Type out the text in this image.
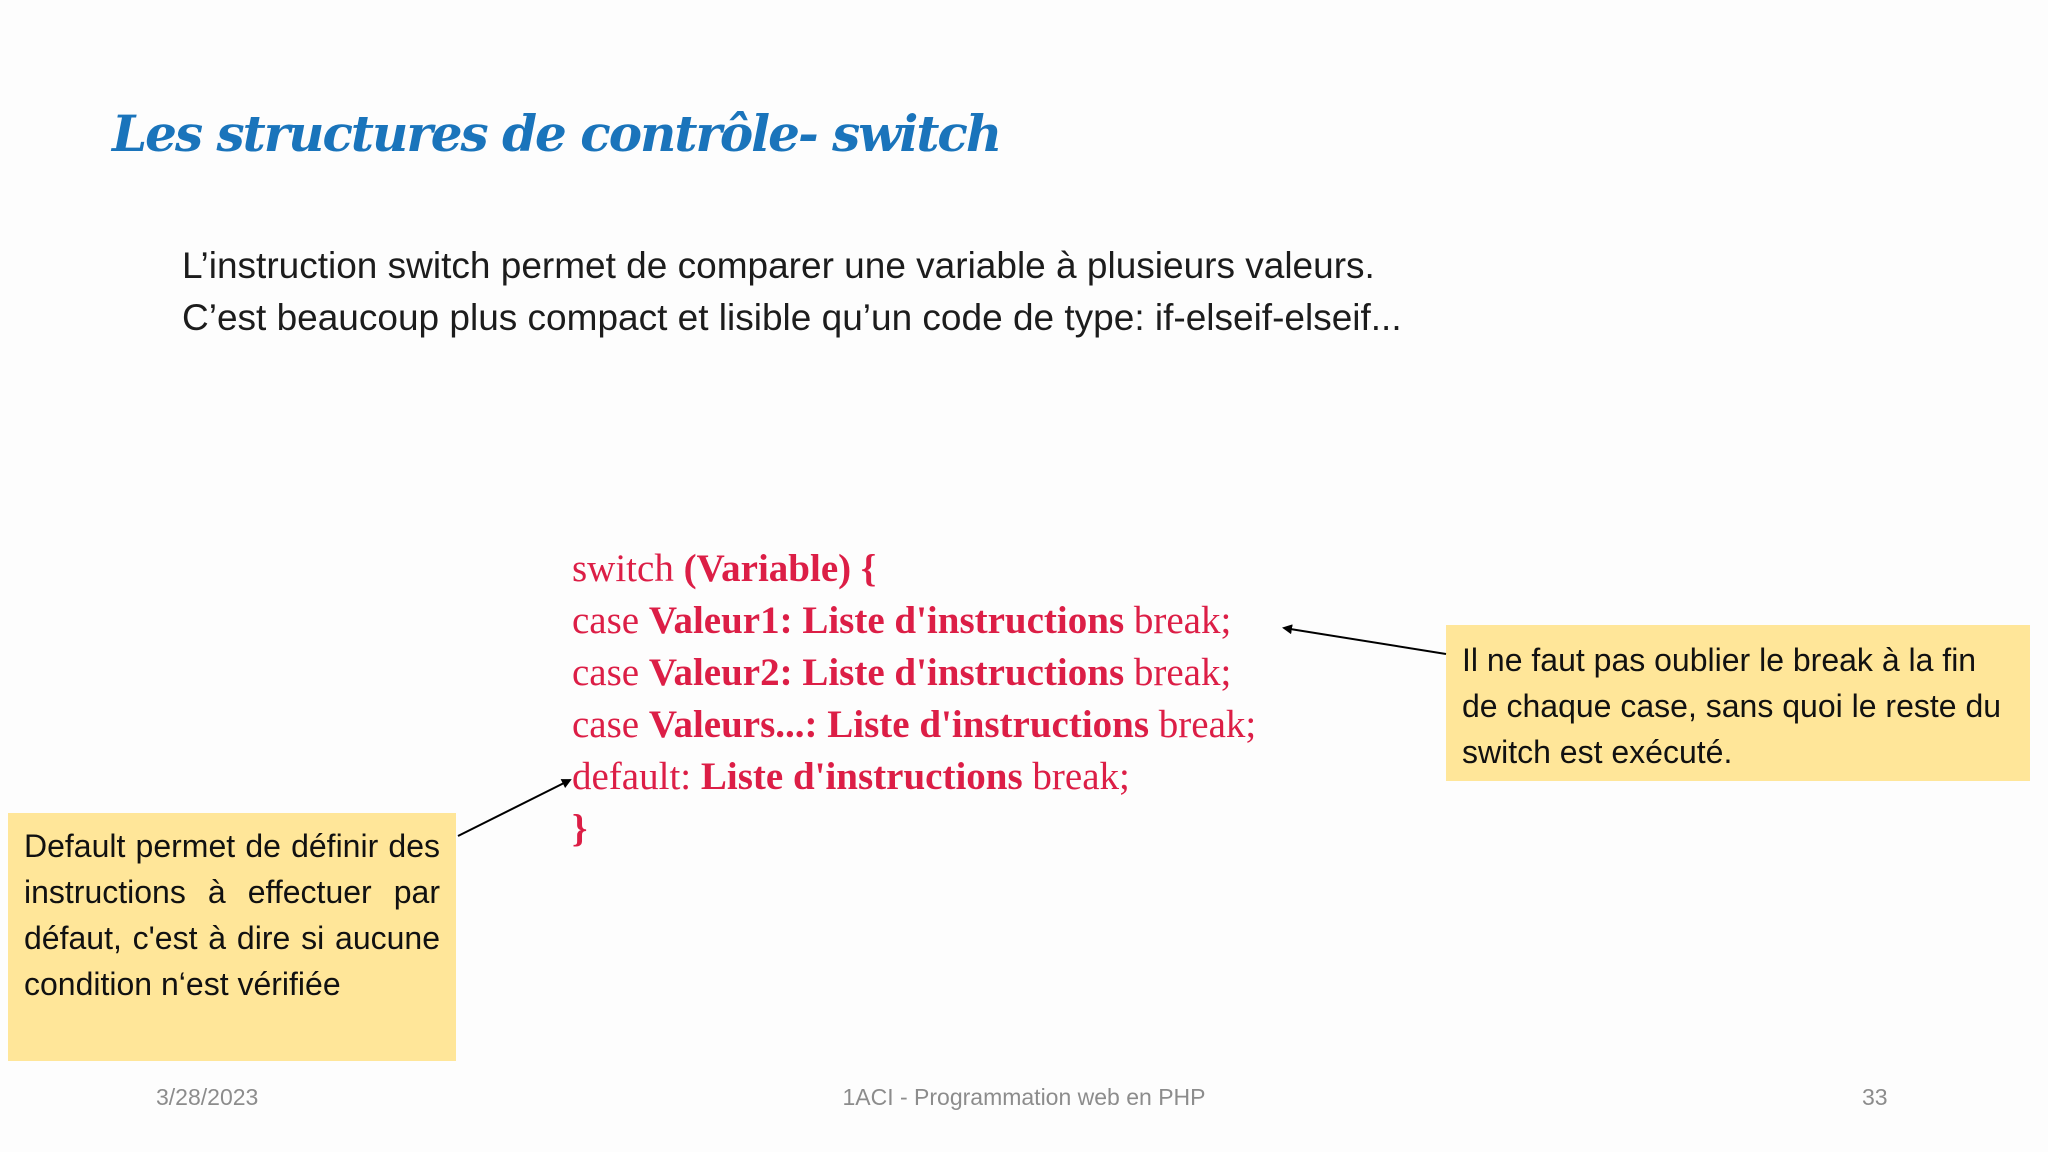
Les structures de contrôle- switch
L’instruction switch permet de comparer une variable à plusieurs valeurs.
C’est beaucoup plus compact et lisible qu’un code de type: if-elseif-elseif...
switch (Variable) {
case Valeur1: Liste d'instructions break;
case Valeur2: Liste d'instructions break;
case Valeurs...: Liste d'instructions break;
default: Liste d'instructions break;
}
Il ne faut pas oublier le break à la fin de chaque case, sans quoi le reste du switch est exécuté.
Default permet de définir des instructions à effectuer par défaut, c'est à dire si aucune condition n‘est vérifiée
3/28/2023	1ACI - Programmation web en PHP	33
